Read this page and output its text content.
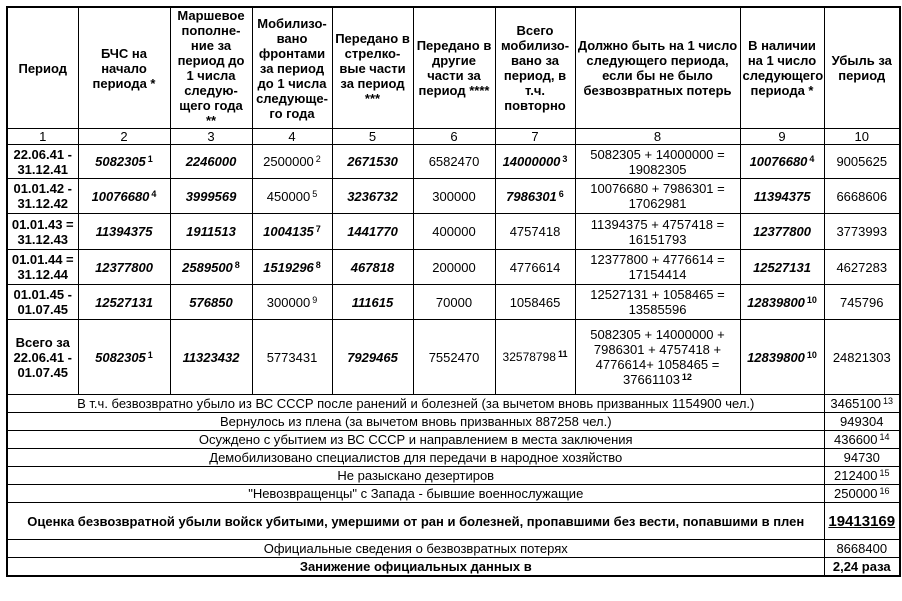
Период	БЧС на начало периода *	Маршевое пополне-ние за период до 1 числа следую-щего года **	Мобилизо-вано фронтами за период до 1 числа следующе-го года	Передано в стрелко-вые части за период ***	Передано в другие части за период ****	Всего мобилизо-вано за период, в т.ч. повторно	Должно быть на 1 число следующего периода, если бы не было безвозвратных потерь	В наличии на 1 число следующего периода *	Убыль за период
1	2	3	4	5	6	7	8	9	10
22.06.41 - 31.12.41	5082305 $^1$	2246000	2500000 $^2$	2671530	6582470	14000000 $^3$	5082305 + 14000000 = 19082305	10076680 $^4$	9005625
01.01.42 - 31.12.42	10076680 $^4$	3999569	450000 $^5$	3236732	300000	7986301 $^6$	10076680 + 7986301 = 17062981	11394375	6668606
01.01.43 = 31.12.43	11394375	1911513	1004135 $^7$	1441770	400000	4757418	11394375 + 4757418 = 16151793	12377800	3773993
01.01.44 = 31.12.44	12377800	2589500 $^8$	1519296 $^8$	467818	200000	4776614	12377800 + 4776614 = 17154414	12527131	4627283
01.01.45 - 01.07.45	12527131	576850	300000 $^9$	111615	70000	1058465	12527131 + 1058465 = 13585596	12839800 $^{10}$	745796
Всего за 22.06.41 - 01.07.45	5082305 $^1$	11323432	5773431	7929465	7552470	32578798 $^{11}$	5082305 + 14000000 + 7986301 + 4757418 + 4776614+ 1058465 = 37661103 $^{12}$	12839800 $^{10}$	24821303
В т.ч. безвозвратно убыло из ВС СССР после ранений и болезней (за вычетом вновь призванных 1154900 чел.)									3465100 $^{13}$
Вернулось из плена (за вычетом вновь призванных 887258 чел.)									949304
Осуждено с убытием из ВС СССР и направлением в места заключения									436600 $^{14}$
Демобилизовано специалистов для передачи в народное хозяйство									94730
Не разыскано дезертиров									212400 $^{15}$
"Невозвращенцы" с Запада - бывшие военнослужащие									250000 $^{16}$
Оценка безвозвратной убыли войск убитыми, умершими от ран и болезней, пропавшими без вести, попавшими в плен									19413169
Официальные сведения о безвозвратных потерях									8668400
Занижение официальных данных в									2,24 раза
